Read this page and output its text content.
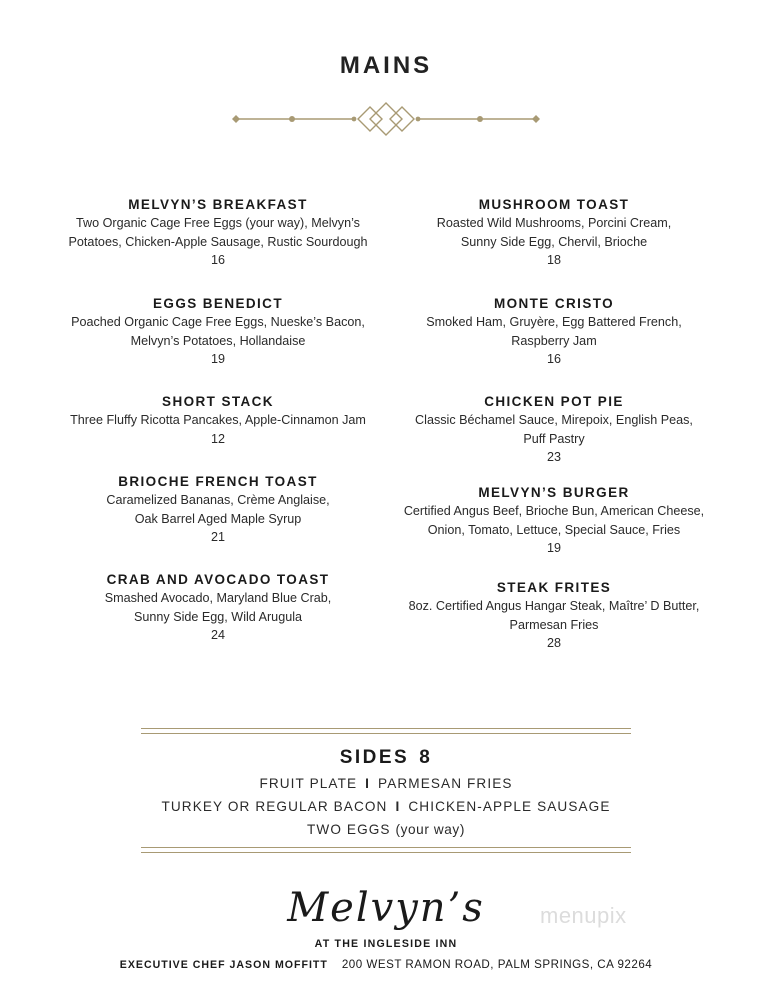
MAINS
MELVYN’S BREAKFAST
Two Organic Cage Free Eggs (your way), Melvyn’s
Potatoes, Chicken-Apple Sausage, Rustic Sourdough
16
EGGS BENEDICT
Poached Organic Cage Free Eggs, Nueske’s Bacon,
Melvyn’s Potatoes, Hollandaise
19
SHORT STACK
Three Fluffy Ricotta Pancakes, Apple-Cinnamon Jam
12
BRIOCHE FRENCH TOAST
Caramelized Bananas, Crème Anglaise,
Oak Barrel Aged Maple Syrup
21
CRAB AND AVOCADO TOAST
Smashed Avocado, Maryland Blue Crab,
Sunny Side Egg, Wild Arugula
24
MUSHROOM TOAST
Roasted Wild Mushrooms, Porcini Cream,
Sunny Side Egg, Chervil, Brioche
18
MONTE CRISTO
Smoked Ham, Gruyère, Egg Battered French,
Raspberry Jam
16
CHICKEN POT PIE
Classic Béchamel Sauce, Mirepoix, English Peas,
Puff Pastry
23
MELVYN’S BURGER
Certified Angus Beef, Brioche Bun, American Cheese,
Onion, Tomato, Lettuce, Special Sauce, Fries
19
STEAK FRITES
8oz. Certified Angus Hangar Steak, Maître’ D Butter,
Parmesan Fries
28
SIDES 8
FRUIT PLATE I PARMESAN FRIES
TURKEY OR REGULAR BACON I CHICKEN-APPLE SAUSAGE
TWO EGGS (your way)
Melvyn’s	menupix
AT THE INGLESIDE INN
EXECUTIVE CHEF JASON MOFFITT 200 WEST RAMON ROAD, PALM SPRINGS, CA 92264
